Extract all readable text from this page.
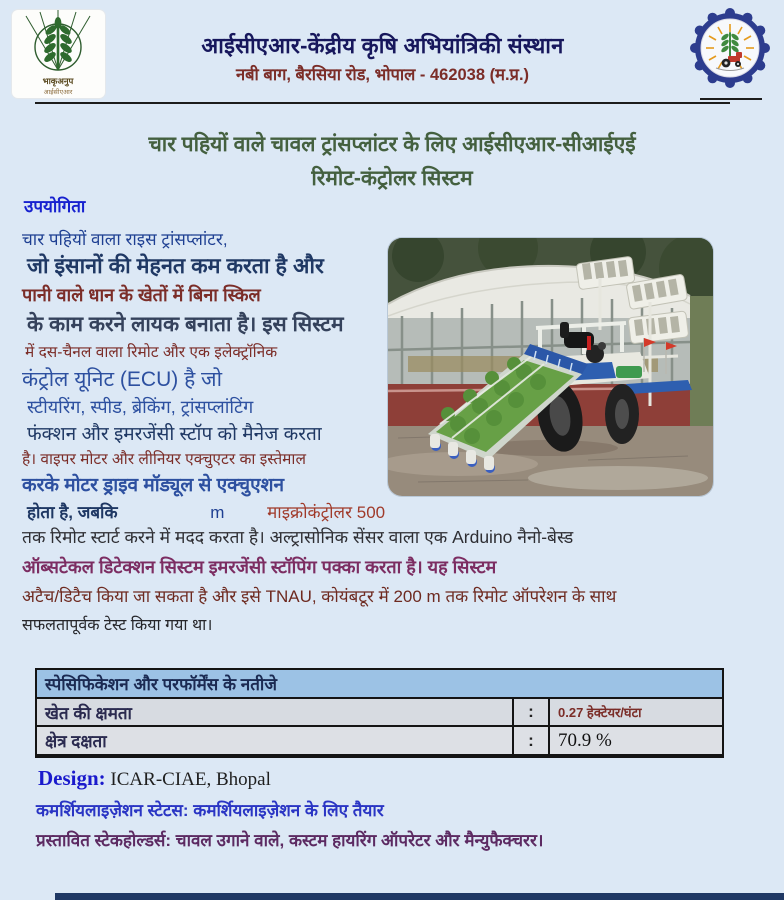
भाकृअनुप
आईसीएआर
आईसीएआर-केंद्रीय कृषि अभियांत्रिकी संस्थान
नबी बाग, बैरसिया रोड, भोपाल - 462038 (म.प्र.)
चार पहियों वाले चावल ट्रांसप्लांटर के लिए आईसीएआर-सीआईएई
रिमोट-कंट्रोलर सिस्टम
उपयोगिता
चार पहियों वाला राइस ट्रांसप्लांटर,
जो इंसानों की मेहनत कम करता है और
पानी वाले धान के खेतों में बिना स्किल
के काम करने लायक बनाता है। इस सिस्टम
में दस-चैनल वाला रिमोट और एक इलेक्ट्रॉनिक
कंट्रोल यूनिट (ECU) है जो
स्टीयरिंग, स्पीड, ब्रेकिंग, ट्रांसप्लांटिंग
फंक्शन और इमरजेंसी स्टॉप को मैनेज करता
है। वाइपर मोटर और लीनियर एक्चुएटर का इस्तेमाल
करके मोटर ड्राइव मॉड्यूल से एक्चुएशन
होता है, जबकि	m	माइक्रोकंट्रोलर 500
तक रिमोट स्टार्ट करने में मदद करता है। अल्ट्रासोनिक सेंसर वाला एक Arduino नैनो-बेस्ड
ऑब्सटेकल डिटेक्शन सिस्टम इमरजेंसी स्टॉपिंग पक्का करता है। यह सिस्टम
अटैच/डिटैच किया जा सकता है और इसे TNAU, कोयंबटूर में 200 m तक रिमोट ऑपरेशन के साथ
सफलतापूर्वक टेस्ट किया गया था।
स्पेसिफिकेशन और परफॉर्मेंस के नतीजे
खेत की क्षमता	:	0.27 हेक्टेयर/घंटा
क्षेत्र दक्षता	:	70.9 %
Design: ICAR-CIAE, Bhopal
कमर्शियलाइज़ेशन स्टेटस: कमर्शियलाइज़ेशन के लिए तैयार
प्रस्तावित स्टेकहोल्डर्स: चावल उगाने वाले, कस्टम हायरिंग ऑपरेटर और मैन्युफैक्चरर।
